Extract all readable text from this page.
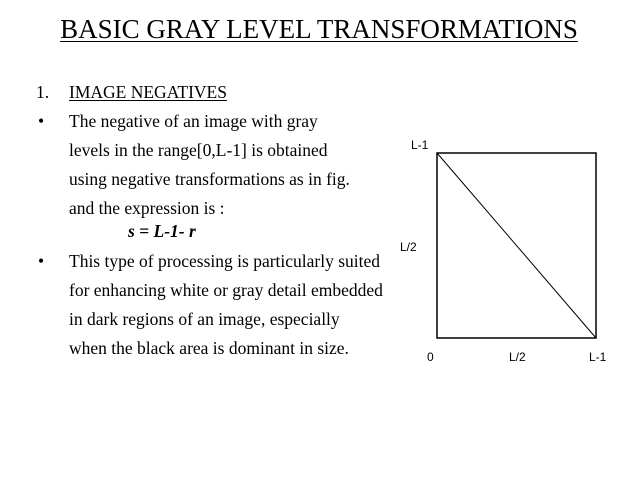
BASIC GRAY LEVEL TRANSFORMATIONS
1. IMAGE NEGATIVES
• The negative of an image with gray
levels in the range[0,L-1] is obtained
using negative transformations as in fig.
and the expression is :
s = L-1- r
• This type of processing is particularly suited
for enhancing white or gray detail embedded
in dark regions of an image, especially
when the black area is dominant in size.
L-1
L/2
0	L/2	L-1
